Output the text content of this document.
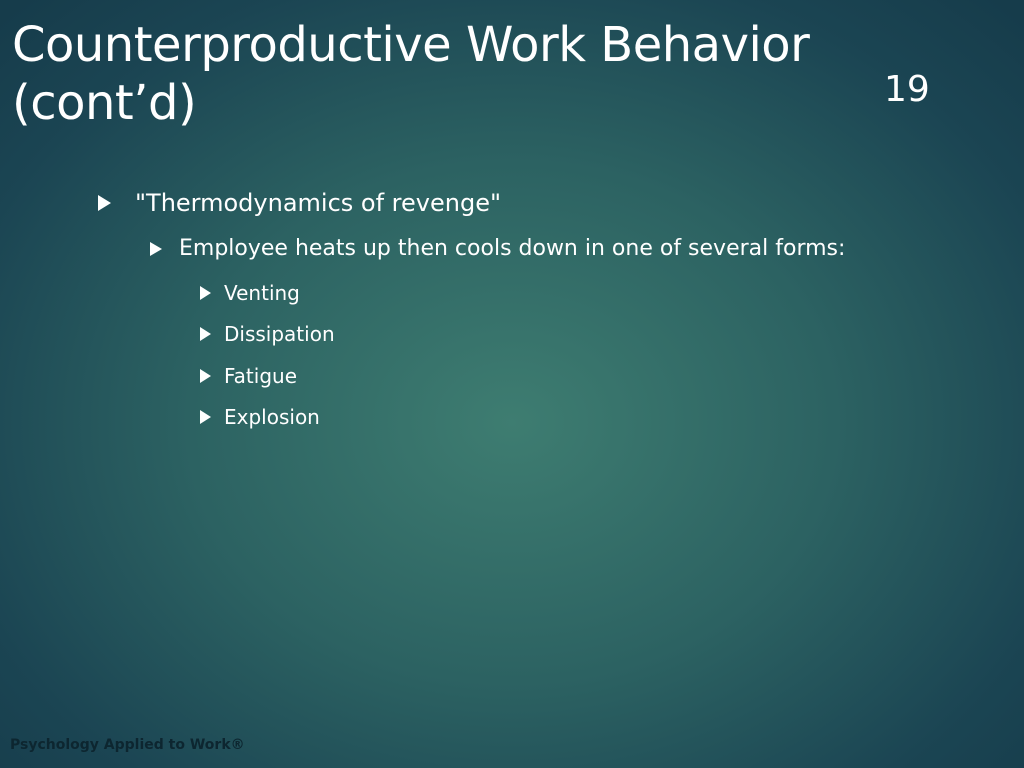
Counterproductive Work Behavior
(cont’d)	19
"Thermodynamics of revenge"
Employee heats up then cools down in one of several forms:
Venting
Dissipation
Fatigue
Explosion
Psychology Applied to Work®
